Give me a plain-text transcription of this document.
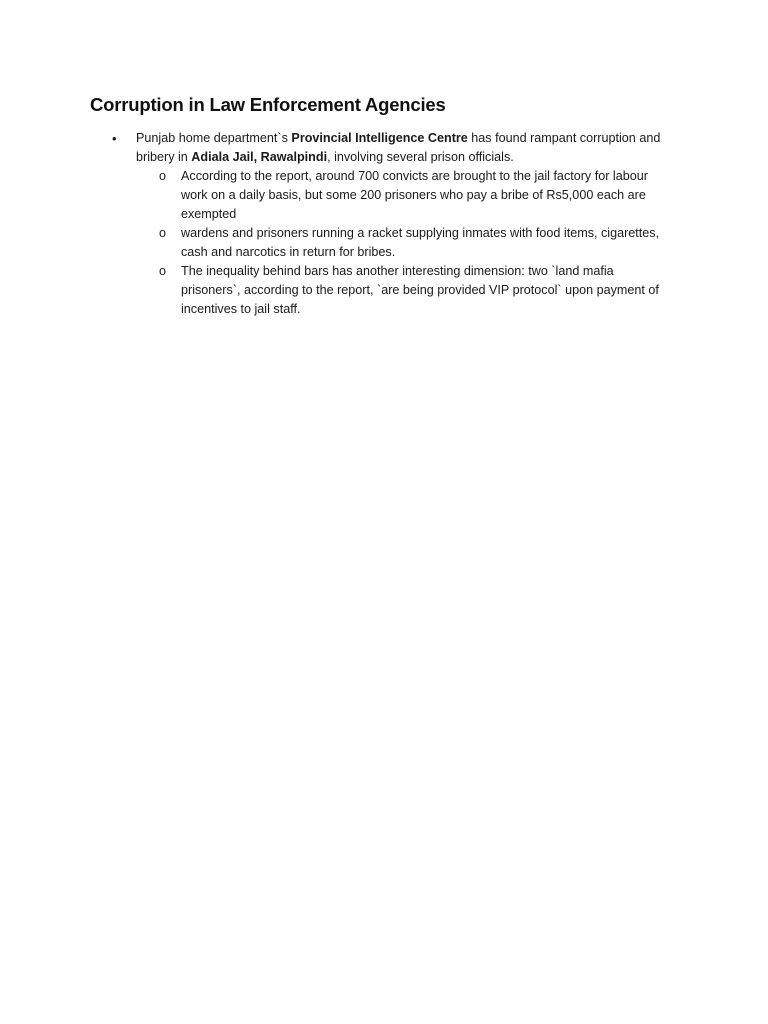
Corruption in Law Enforcement Agencies
• Punjab home department`s Provincial Intelligence Centre has found rampant corruption and bribery in Adiala Jail, Rawalpindi, involving several prison officials.
o According to the report, around 700 convicts are brought to the jail factory for labour work on a daily basis, but some 200 prisoners who pay a bribe of Rs5,000 each are exempted
o wardens and prisoners running a racket supplying inmates with food items, cigarettes, cash and narcotics in return for bribes.
o The inequality behind bars has another interesting dimension: two `land mafia prisoners`, according to the report, `are being provided VIP protocol` upon payment of incentives to jail staff.
